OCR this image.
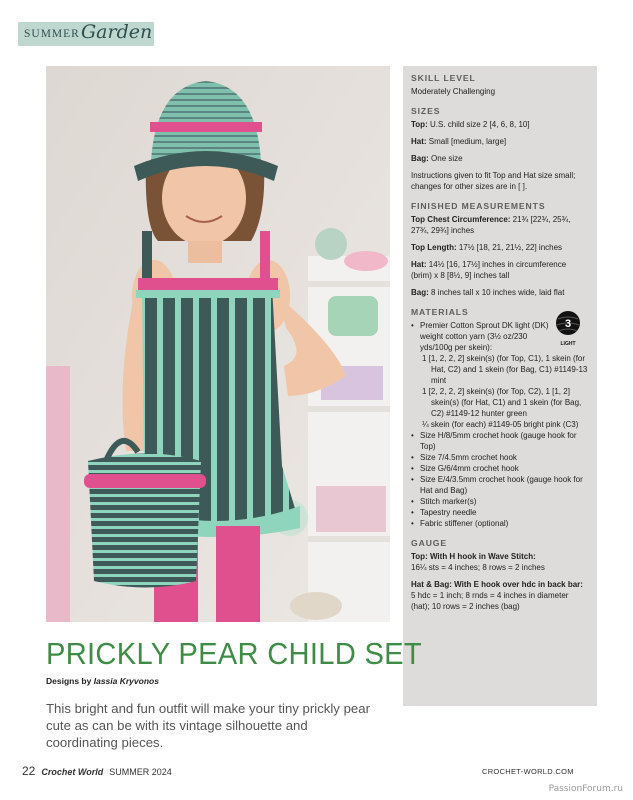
SUMMER Garden
SKILL LEVEL

Moderately Challenging

SIZES

Top: U.S. child size 2 [4, 6, 8, 10]

Hat: Small [medium, large]

Bag: One size

Instructions given to fit Top and Hat size small; changes for other sizes are in [ ].

FINISHED MEASUREMENTS

Top Chest Circumference: 21¾ [22¾, 25¾, 27¾, 29¾] inches

Top Length: 17½ [18, 21, 21½, 22] inches

Hat: 14½ [16, 17½] inches in circumference (brim) x 8 [8½, 9] inches tall

Bag: 8 inches tall x 10 inches wide, laid flat

MATERIALS
3
LIGHT
• Premier Cotton Sprout DK light (DK) weight cotton yarn (3½ oz/230 yds/100g per skein):
1 [1, 2, 2, 2] skein(s) (for Top, C1), 1 skein (for Hat, C2) and 1 skein (for Bag, C1) #1149-13 mint
1 [2, 2, 2, 2] skein(s) (for Top, C2), 1 [1, 2] skein(s) (for Hat, C1) and 1 skein (for Bag, C2) #1149-12 hunter green
¼ skein (for each) #1149-05 bright pink (C3)
• Size H/8/5mm crochet hook (gauge hook for Top)
• Size 7/4.5mm crochet hook
• Size G/6/4mm crochet hook
• Size E/4/3.5mm crochet hook (gauge hook for Hat and Bag)
• Stitch marker(s)
• Tapestry needle
• Fabric stiffener (optional)
GAUGE

Top: With H hook in Wave Stitch:
16¼ sts = 4 inches; 8 rows = 2 inches

Hat & Bag: With E hook over hdc in back bar: 5 hdc = 1 inch; 8 rnds = 4 inches in diameter (hat); 10 rows = 2 inches (bag)

PRICKLY PEAR CHILD SET
Designs by Iassia Kryvonos

This bright and fun outfit will make your tiny prickly pear cute as can be with its vintage silhouette and coordinating pieces.

22 Crochet World SUMMER 2024	CROCHET-WORLD.COM
PassionForum.ru
